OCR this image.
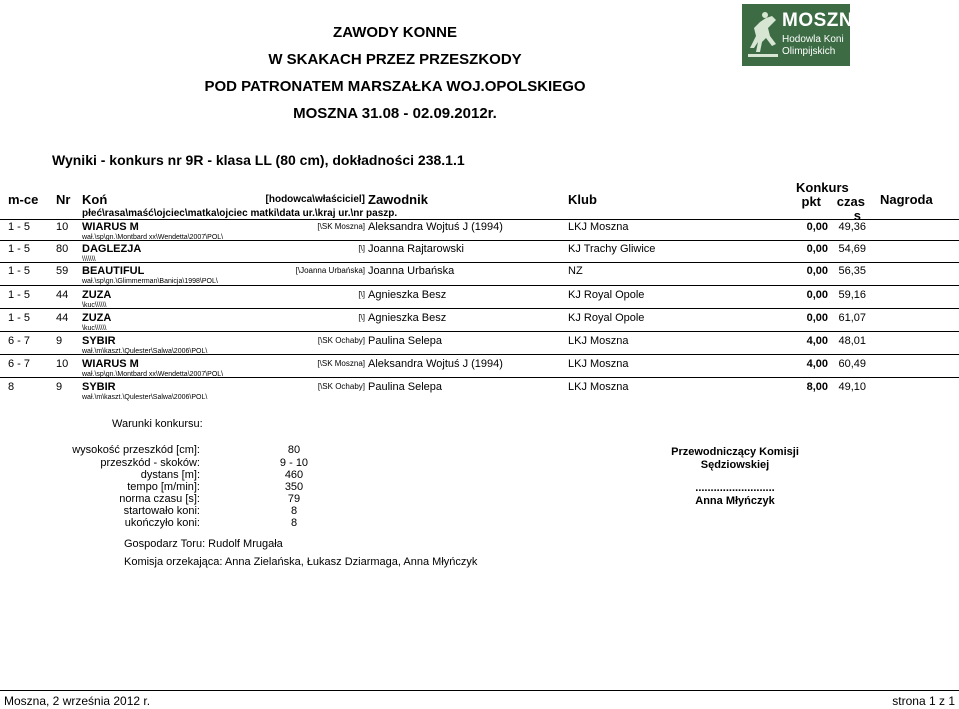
ZAWODY KONNE
W SKAKACH PRZEZ PRZESZKODY
POD PATRONATEM MARSZAŁKA WOJ.OPOLSKIEGO
MOSZNA 31.08 - 02.09.2012r.
MOSZNA
Hodowla Koni
Olimpijskich
Wyniki - konkurs nr 9R - klasa LL (80 cm), dokładności 238.1.1
m-ce Nr Koń	[hodowca\właściciel]
płeć\rasa\maść\ojciec\matka\ojciec matki\data ur.\kraj ur.\nr paszp.
Zawodnik	Klub
Konkurs
pkt czas
s
Nagroda
1 - 5 10 WIARUS M	[\SK Moszna] Aleksandra Wojtuś J (1994)	LKJ Moszna	0,00 49,36
wał.\sp\gn.\Montbard xx\Wendetta\2007\POL\
1 - 5 80 DAGLEZJA	[\] Joanna Rajtarowski	KJ Trachy Gliwice	0,00 54,69
\\\\\\\
1 - 5 59 BEAUTIFUL	[\Joanna Urbańska] Joanna Urbańska	NZ	0,00 56,35
wał.\sp\gn.\Glimmerman\Banicja\1998\POL\
1 - 5 44 ZUZA	[\] Agnieszka Besz	KJ Royal Opole	0,00 59,16
\kuc\\\\\\
1 - 5 44 ZUZA	[\] Agnieszka Besz	KJ Royal Opole	0,00 61,07
\kuc\\\\\\
6 - 7 9 SYBIR	[\SK Ochaby] Paulina Selepa	LKJ Moszna	4,00 48,01
wał.\m\kaszt.\Qulester\Salwa\2006\POL\
6 - 7 10 WIARUS M	[\SK Moszna] Aleksandra Wojtuś J (1994)	LKJ Moszna	4,00 60,49
wał.\sp\gn.\Montbard xx\Wendetta\2007\POL\
8	9 SYBIR	[\SK Ochaby] Paulina Selepa	LKJ Moszna	8,00 49,10
wał.\m\kaszt.\Qulester\Salwa\2006\POL\
Warunki konkursu:
wysokość przeszkód [cm]:	80
przeszkód - skoków:	9 - 10
dystans [m]:	460
tempo [m/min]:	350
norma czasu [s]:	79
startowało koni:	8
ukończyło koni:	8
Przewodniczący Komisji
Sędziowskiej
..........................
Anna Młyńczyk
Gospodarz Toru: Rudolf Mrugała
Komisja orzekająca: Anna Zielańska, Łukasz Dziarmaga, Anna Młyńczyk
Moszna, 2 września 2012 r.	strona 1 z 1
